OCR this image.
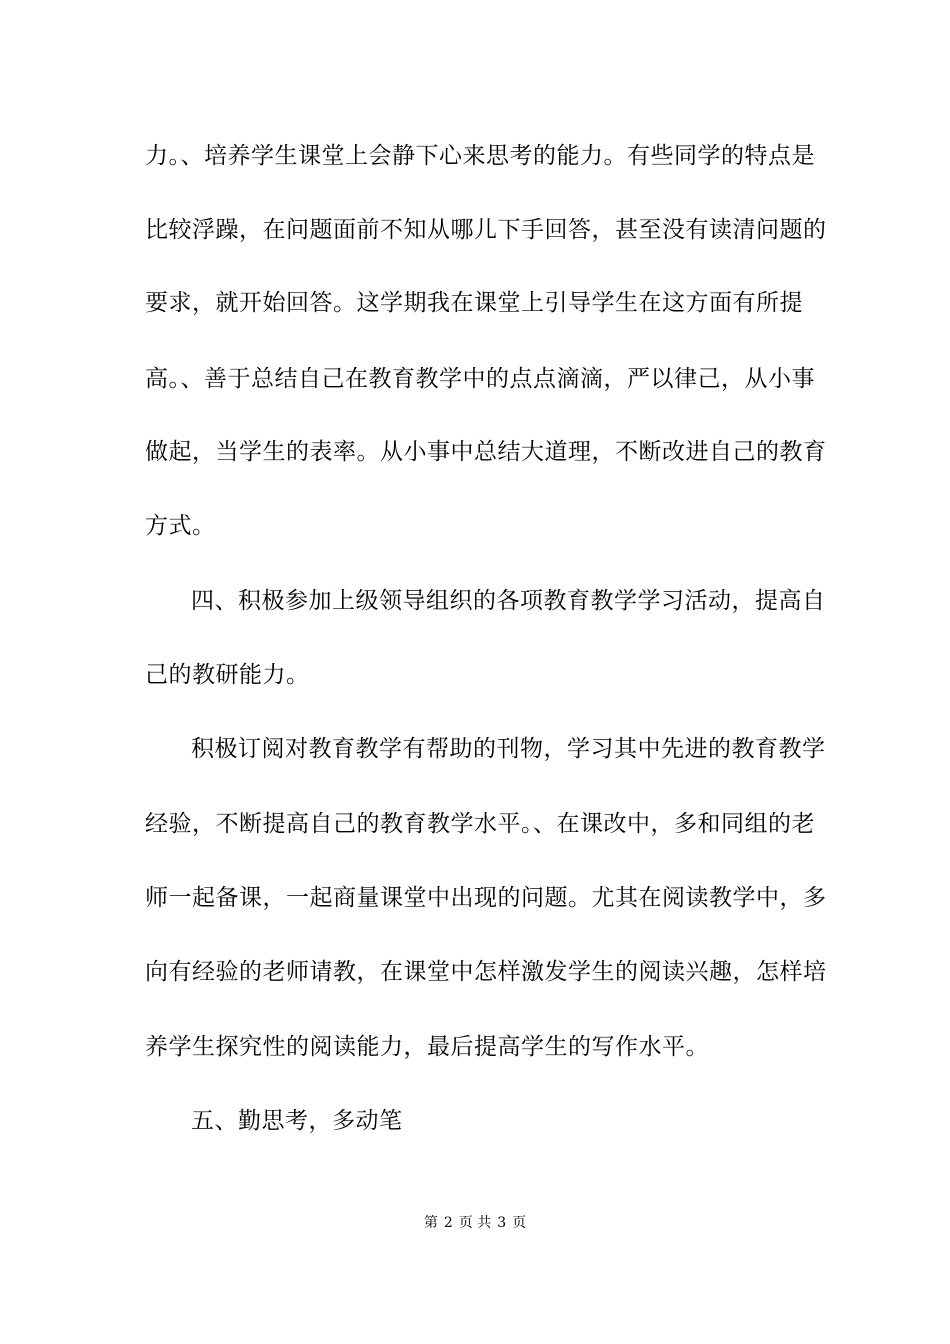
力。、培养学生课堂上会静下心来思考的能力。有些同学的特点是
比较浮躁，在问题面前不知从哪儿下手回答，甚至没有读清问题的
要求，就开始回答。这学期我在课堂上引导学生在这方面有所提
高。、善于总结自己在教育教学中的点点滴滴，严以律己，从小事
做起，当学生的表率。从小事中总结大道理，不断改进自己的教育
方式。
四、积极参加上级领导组织的各项教育教学学习活动，提高自
己的教研能力。
积极订阅对教育教学有帮助的刊物，学习其中先进的教育教学
经验，不断提高自己的教育教学水平。、在课改中，多和同组的老
师一起备课，一起商量课堂中出现的问题。尤其在阅读教学中，多
向有经验的老师请教，在课堂中怎样激发学生的阅读兴趣，怎样培
养学生探究性的阅读能力，最后提高学生的写作水平。
五、勤思考，多动笔
第 2 页 共 3 页
